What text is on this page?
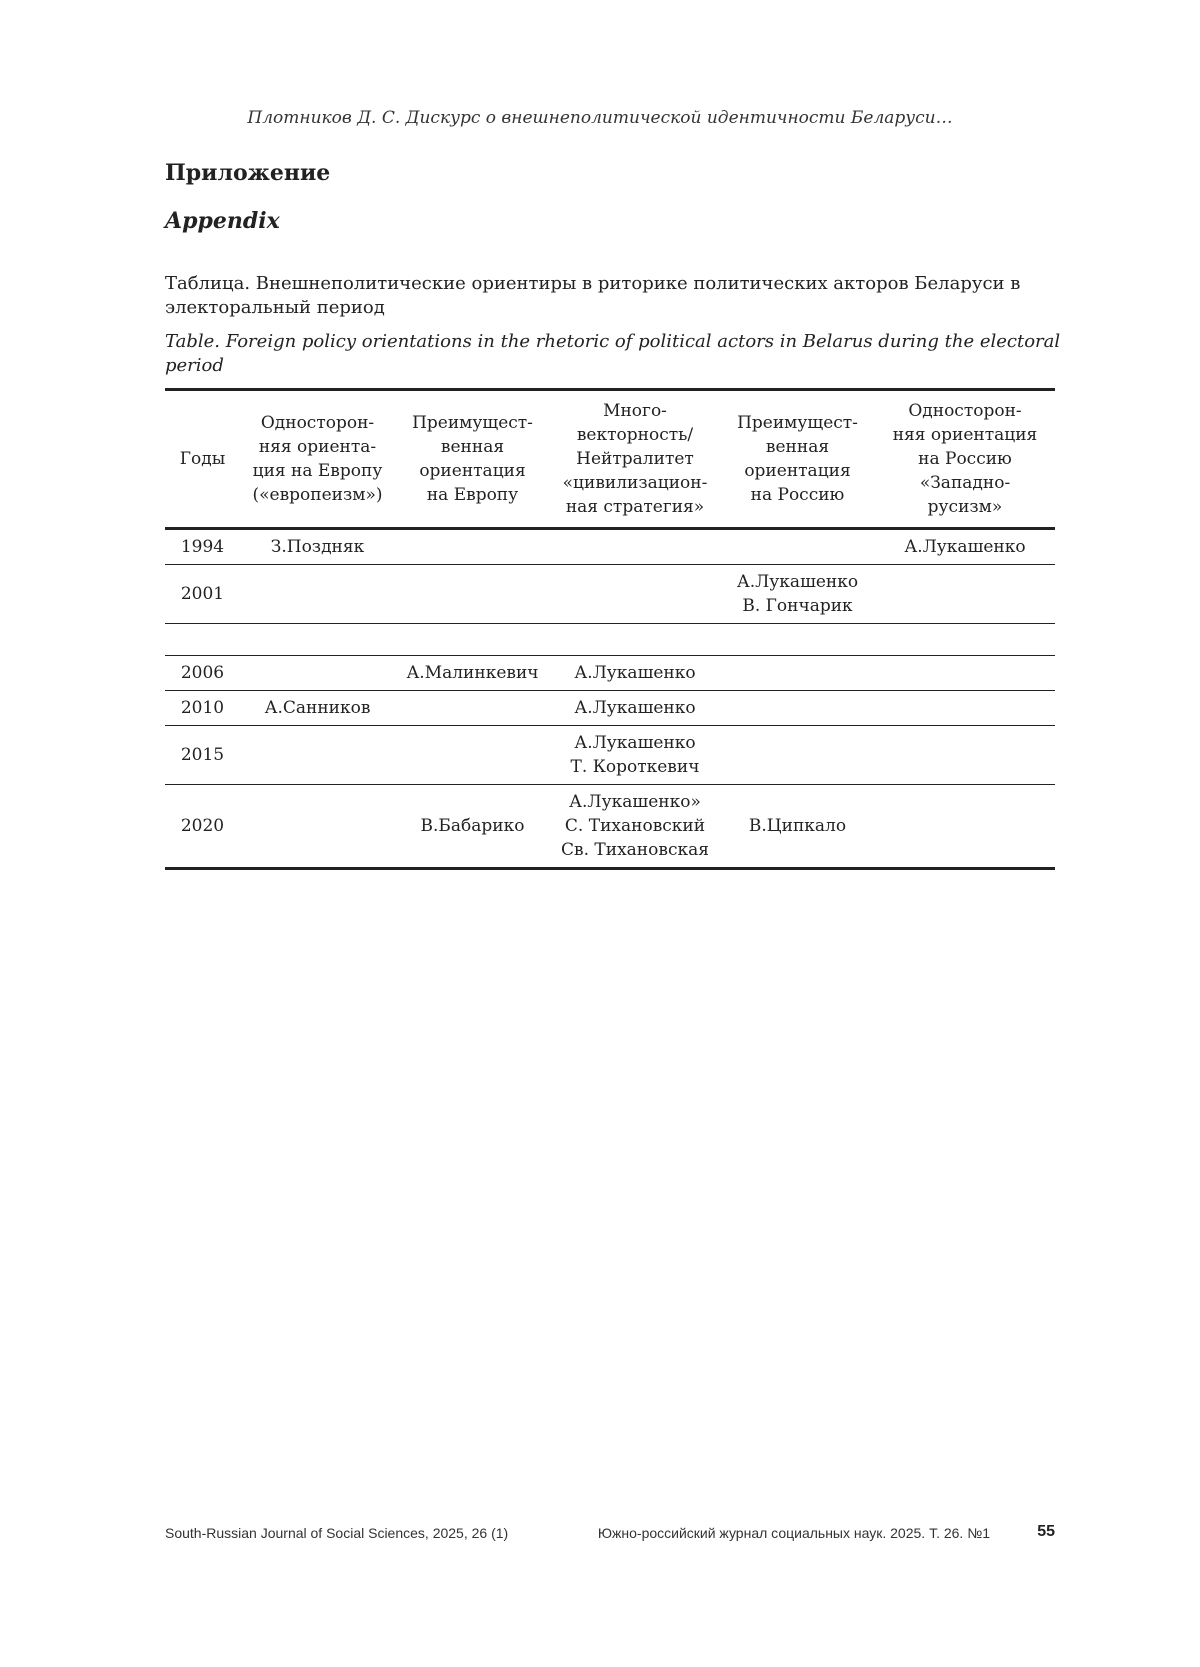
Плотников Д. С. Дискурс о внешнеполитической идентичности Беларуси…
Приложение
Appendix
Таблица. Внешнеполитические ориентиры в риторике политических акторов Беларуси в электоральный период
Table. Foreign policy orientations in the rhetoric of political actors in Belarus during the electoral period
Годы	Односторон-
няя ориента-
ция на Европу
(«европеизм»)	Преимущест-
венная
ориентация
на Европу	Много-
векторность/
Нейтралитет
«цивилизацион-
ная стратегия»	Преимущест-
венная
ориентация
на Россию	Односторон-
няя ориентация
на Россию
«Западно-
русизм»

1994	З.Поздняк				А.Лукашенко

2001				А.Лукашенко
В. Гончарик	

2006		А.Малинкевич	А.Лукашенко		

2010	А.Санников		А.Лукашенко		

2015			А.Лукашенко
Т. Короткевич		

2020		В.Бабарико	А.Лукашенко»
С. Тихановский
Св. Тихановская	В.Ципкало	

South-Russian Journal of Social Sciences, 2025, 26 (1)	Южно-российский журнал социальных наук. 2025. Т. 26. №1	55
